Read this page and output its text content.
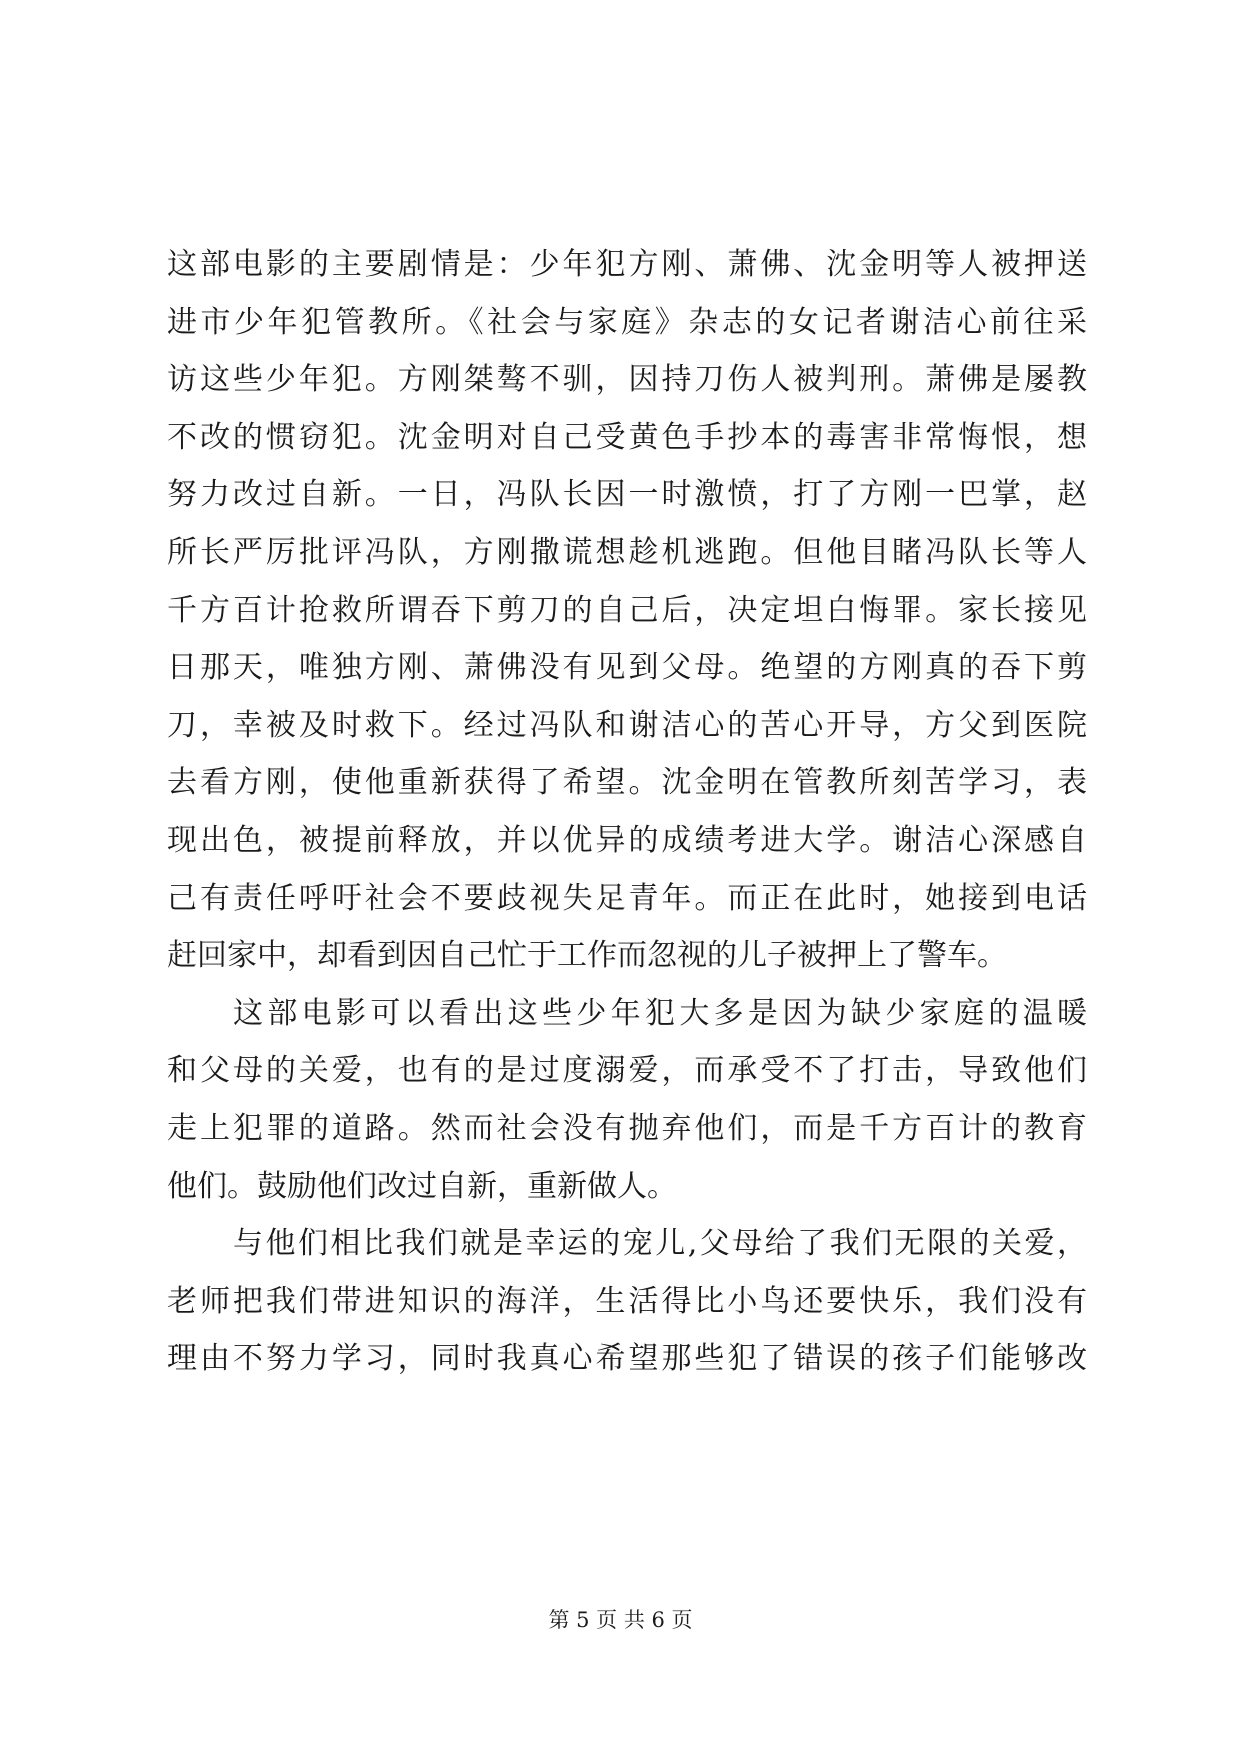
这部电影的主要剧情是：少年犯方刚、萧佛、沈金明等人被押送
进市少年犯管教所。《社会与家庭》杂志的女记者谢洁心前往采
访这些少年犯。方刚桀骜不驯，因持刀伤人被判刑。萧佛是屡教
不改的惯窃犯。沈金明对自己受黄色手抄本的毒害非常悔恨，想
努力改过自新。一日，冯队长因一时激愤，打了方刚一巴掌，赵
所长严厉批评冯队，方刚撒谎想趁机逃跑。但他目睹冯队长等人
千方百计抢救所谓吞下剪刀的自己后，决定坦白悔罪。家长接见
日那天，唯独方刚、萧佛没有见到父母。绝望的方刚真的吞下剪
刀，幸被及时救下。经过冯队和谢洁心的苦心开导，方父到医院
去看方刚，使他重新获得了希望。沈金明在管教所刻苦学习，表
现出色，被提前释放，并以优异的成绩考进大学。谢洁心深感自
己有责任呼吁社会不要歧视失足青年。而正在此时，她接到电话
赶回家中，却看到因自己忙于工作而忽视的儿子被押上了警车。
这部电影可以看出这些少年犯大多是因为缺少家庭的温暖
和父母的关爱，也有的是过度溺爱，而承受不了打击，导致他们
走上犯罪的道路。然而社会没有抛弃他们，而是千方百计的教育
他们。鼓励他们改过自新，重新做人。
与他们相比我们就是幸运的宠儿,父母给了我们无限的关爱，
老师把我们带进知识的海洋，生活得比小鸟还要快乐，我们没有
理由不努力学习，同时我真心希望那些犯了错误的孩子们能够改
第 5 页 共 6 页
